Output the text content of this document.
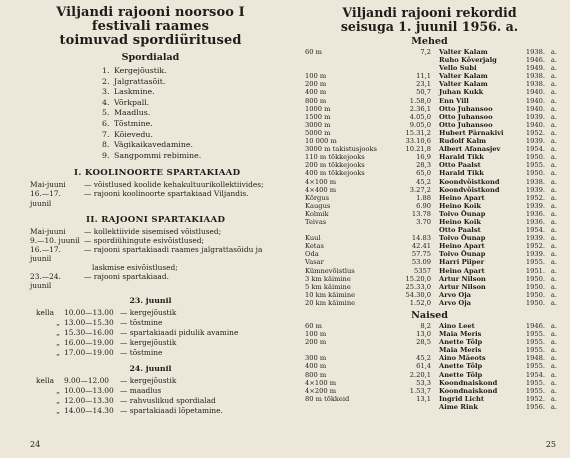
Viljandi rajooni noorsoo I festivali raames
toimuvad spordiüritused
Spordialad
1. Kergejõustik.
2. Jalgrattasõit.
3. Laskmine.
4. Võrkpall.
5. Maadlus.
6. Tõstmine.
7. Kõievedu.
8. Vägikaikavedamine.
9. Sangpommi rebimine.
I. KOOLINOORTE SPARTAKIAAD
Mai-juuni	— võistlused koolide kehakultuurikollektiivides;
16.—17. juunil
— rajooni koolinoorte spartakiaad Viljandis.
II. RAJOONI SPARTAKIAAD
Mai-juuni	— kollektiivide sisemised võistlused;
9.—10. juunil — spordiühingute esivõistlused;
16.—17. juunil
— rajooni spartakiaadi raames jalgrattasõidu ja
laskmise esivõistlused;
23.—24. juunil
— rajooni spartakiaad.
23. juunil
kella	10.00—13.00 — kergejõustik
„ 13.00—15.30 — tõstmine
„ 15.30—16.00 — spartakiaadi pidulik avamine
„ 16.00—19.00 — kergejõustik
„ 17.00—19.00 — tõstmine
24. juunil
kella	9.00—12.00	— kergejõustik
„ 10.00—13.00 — maadlus
„ 12.00—13.30 — rahvuslikud spordialad
„ 14.00—14.30 — spartakiaadi lõpetamine.
24
Viljandi rajooni rekordid
seisuga 1. juunil 1956. a.
Mehed
60 m	7,2	Valter Kalam	1938. a.
Ruho Kõverjalg	1946. a.
Vello Subi	1949. a.
100 m	11,1	Valter Kalam	1938. a.
200 m	23,1	Valter Kalam	1938. a.
400 m	50,7	Juhan Kukk	1940. a.
800 m	1.58,0	Enn Vill	1940. a.
1000 m	2.36,1	Otto Juhansoo	1940. a.
1500 m	4.05,0	Otto Juhansoo	1939. a.
3000 m	9.05,0	Otto Juhansoo	1940. a.
5000 m	15.31,2	Hubert Pärnakivi	1952. a.
10 000 m	33.10,6	Rudolf Kalm	1939. a.
3000 m takistusjooks	10.21,8	Albert Afanasjev	1954. a.
110 m tõkkejooks	16,9	Harald Tikk	1950. a.
200 m tõkkejooks	28,3	Otto Paalst	1955. a.
400 m tõkkejooks	65,0	Harald Tikk	1950. a.
4×100 m	45,2	Koondvõistkond	1938. a.
4×400 m	3.27,2	Koondvõistkond	1939. a.
Kõrgus	1.88	Heino Apart	1952. a.
Kaugus	6.90	Heino Koik	1939. a.
Kolmik	13.78	Toivo Õunap	1936. a.
Teivas	3.70	Heino Koik	1936. a.
Otto Paalst	1954. a.
Kuul	14.83	Toivo Õunap	1939. a.
Ketas	42.41	Heino Apart	1952. a.
Oda	57.75	Toivo Õunap	1939. a.
Vasar	53.09	Harri Piiper	1955. a.
Kümnevõistlus	5357	Heino Apart	1951. a.
3 km käimine	15.20,0	Artur Nilson	1950. a.
5 km käimine	25.33,0	Artur Nilson	1950. a.
10 km käimine	54.30,0	Arvo Oja	1950. a.
20 km käimine	1.52,0	Arvo Oja	1950. a.
Naised
60 m	8,2	Aino Leet	1946. a.
100 m	13,0	Maia Meris	1955. a.
200 m	28,5	Anette Tõlp	1955. a.
Maia Meris	1955. a.
300 m	45,2	Aino Mäeots	1948. a.
400 m	61,4	Anette Tõlp	1955. a.
800 m	2.20,1	Anette Tõlp	1954. a.
4×100 m	53,3	Koondnaiskond	1955. a.
4×200 m	1.53,7	Koondnaiskond	1955. a.
80 m tõkkeid	13,1	Ingrid Licht	1952. a.
Aime Rink	1956. a.
25
